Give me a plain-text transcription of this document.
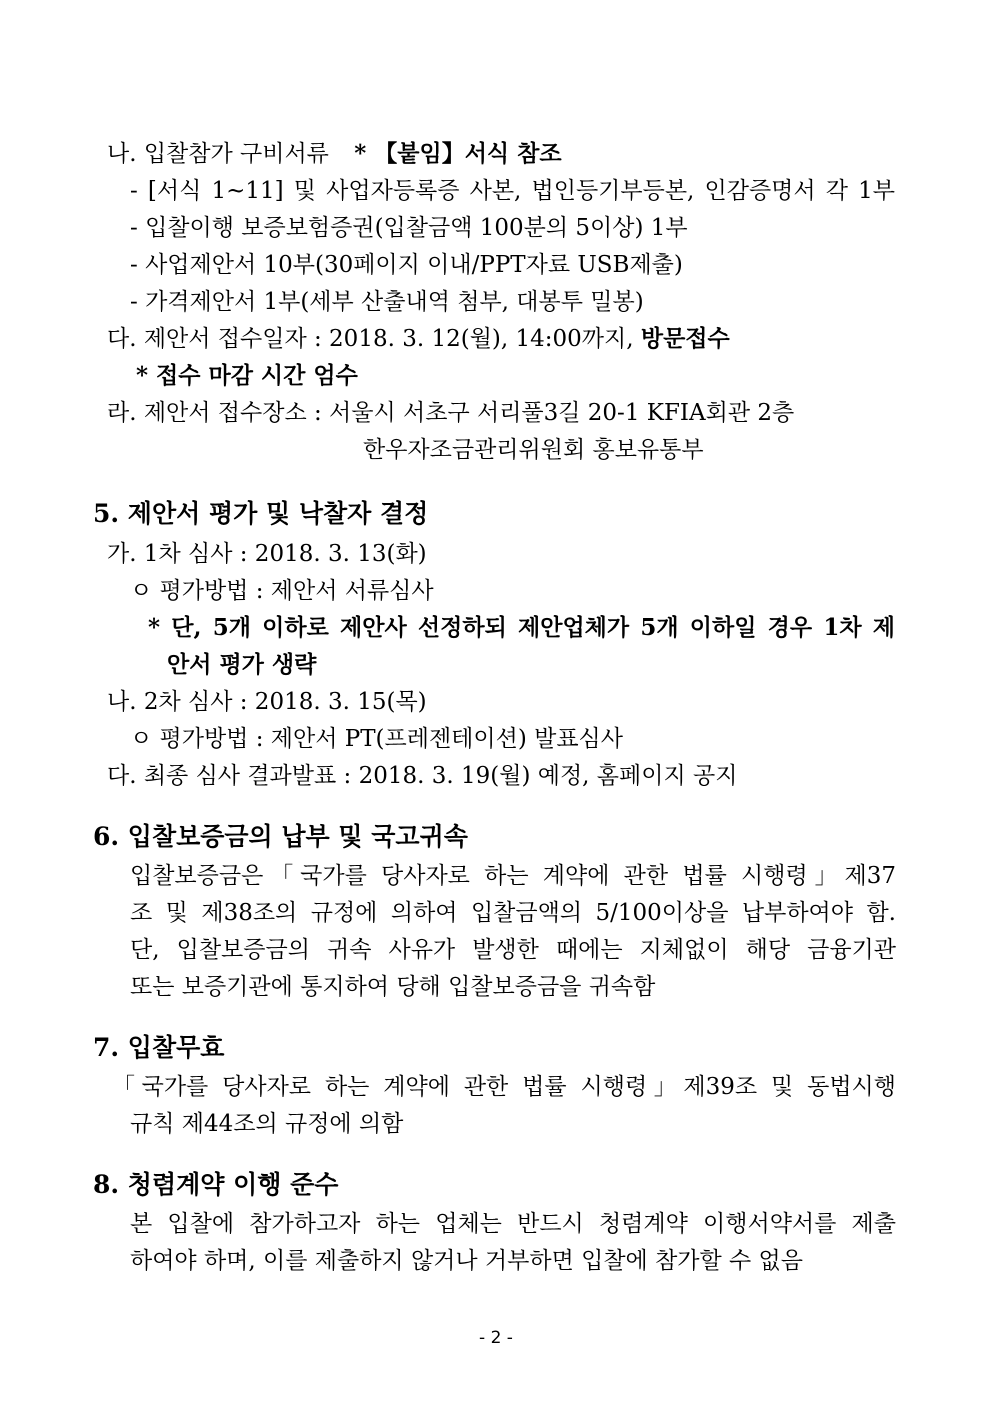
나. 입찰참가 구비서류 * 【붙임】서식 참조
- [서식 1~11] 및 사업자등록증 사본, 법인등기부등본, 인감증명서 각 1부
- 입찰이행 보증보험증권(입찰금액 100분의 5이상) 1부
- 사업제안서 10부(30페이지 이내/PPT자료 USB제출)
- 가격제안서 1부(세부 산출내역 첨부, 대봉투 밀봉)
다. 제안서 접수일자 : 2018. 3. 12(월), 14:00까지, 방문접수
* 접수 마감 시간 엄수
라. 제안서 접수장소 : 서울시 서초구 서리풀3길 20-1 KFIA회관 2층
한우자조금관리위원회 홍보유통부
5. 제안서 평가 및 낙찰자 결정
가. 1차 심사 : 2018. 3. 13(화)
ㅇ 평가방법 : 제안서 서류심사
* 단, 5개 이하로 제안사 선정하되 제안업체가 5개 이하일 경우 1차 제
안서 평가 생략
나. 2차 심사 : 2018. 3. 15(목)
ㅇ 평가방법 : 제안서 PT(프레젠테이션) 발표심사
다. 최종 심사 결과발표 : 2018. 3. 19(월) 예정, 홈페이지 공지
6. 입찰보증금의 납부 및 국고귀속
입찰보증금은「국가를 당사자로 하는 계약에 관한 법률 시행령」제37
조 및 제38조의 규정에 의하여 입찰금액의 5/100이상을 납부하여야 함.
단, 입찰보증금의 귀속 사유가 발생한 때에는 지체없이 해당 금융기관
또는 보증기관에 통지하여 당해 입찰보증금을 귀속함
7. 입찰무효
「국가를 당사자로 하는 계약에 관한 법률 시행령」제39조 및 동법시행
규칙 제44조의 규정에 의함
8. 청렴계약 이행 준수
본 입찰에 참가하고자 하는 업체는 반드시 청렴계약 이행서약서를 제출
하여야 하며, 이를 제출하지 않거나 거부하면 입찰에 참가할 수 없음
- 2 -
